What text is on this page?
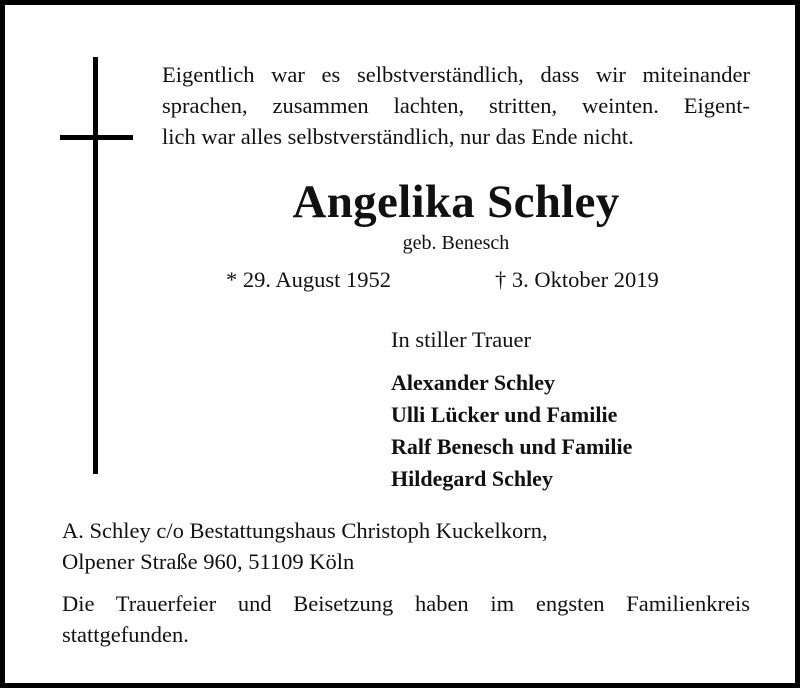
Eigentlich war es selbstverständlich, dass wir miteinander
sprachen, zusammen lachten, stritten, weinten. Eigent-
lich war alles selbstverständlich, nur das Ende nicht.
Angelika Schley
geb. Benesch
* 29. August 1952	† 3. Oktober 2019
In stiller Trauer
Alexander Schley
Ulli Lücker und Familie
Ralf Benesch und Familie
Hildegard Schley
A. Schley c/o Bestattungshaus Christoph Kuckelkorn,
Olpener Straße 960, 51109 Köln
Die Trauerfeier und Beisetzung haben im engsten Familienkreis
stattgefunden.
